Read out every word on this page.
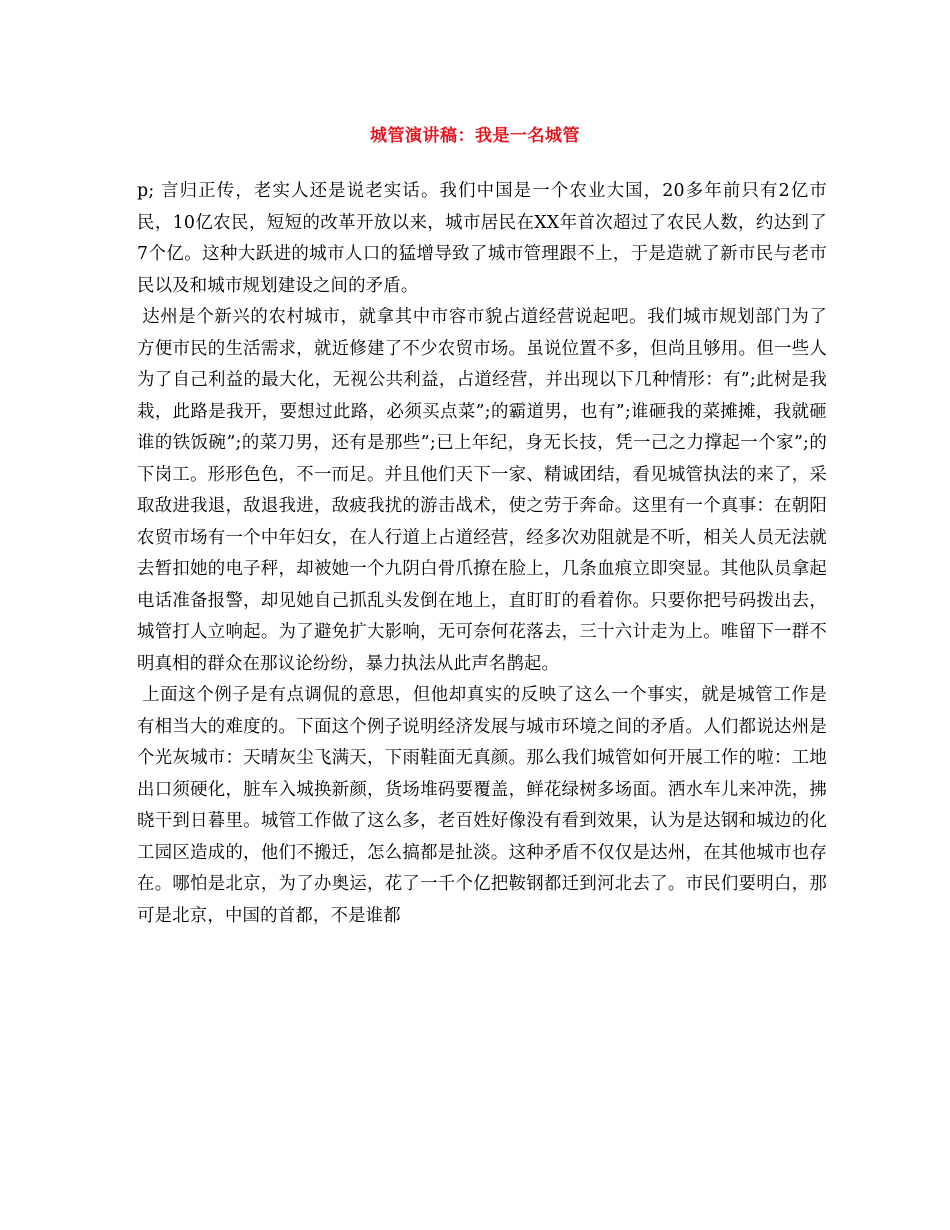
城管演讲稿：我是一名城管

p; 言归正传，老实人还是说老实话。我们中国是一个农业大国，20多年前只有2亿市民，10亿农民，短短的改革开放以来，城市居民在XX年首次超过了农民人数，约达到了7个亿。这种大跃进的城市人口的猛增导致了城市管理跟不上，于是造就了新市民与老市民以及和城市规划建设之间的矛盾。

达州是个新兴的农村城市，就拿其中市容市貌占道经营说起吧。我们城市规划部门为了方便市民的生活需求，就近修建了不少农贸市场。虽说位置不多，但尚且够用。但一些人为了自己利益的最大化，无视公共利益，占道经营，并出现以下几种情形：有”;此树是我栽，此路是我开，要想过此路，必须买点菜”;的霸道男，也有”;谁砸我的菜摊摊，我就砸谁的铁饭碗”;的菜刀男，还有是那些”;已上年纪，身无长技，凭一己之力撑起一个家”;的下岗工。形形色色，不一而足。并且他们天下一家、精诚团结，看见城管执法的来了，采取敌进我退，敌退我进，敌疲我扰的游击战术，使之劳于奔命。这里有一个真事：在朝阳农贸市场有一个中年妇女，在人行道上占道经营，经多次劝阻就是不听，相关人员无法就去暂扣她的电子秤，却被她一个九阴白骨爪撩在脸上，几条血痕立即突显。其他队员拿起电话准备报警，却见她自己抓乱头发倒在地上，直盯盯的看着你。只要你把号码拨出去，城管打人立响起。为了避免扩大影响，无可奈何花落去，三十六计走为上。唯留下一群不明真相的群众在那议论纷纷，暴力执法从此声名鹊起。

上面这个例子是有点调侃的意思，但他却真实的反映了这么一个事实，就是城管工作是有相当大的难度的。下面这个例子说明经济发展与城市环境之间的矛盾。人们都说达州是个光灰城市：天晴灰尘飞满天，下雨鞋面无真颜。那么我们城管如何开展工作的啦：工地出口须硬化，脏车入城换新颜，货场堆码要覆盖，鲜花绿树多场面。洒水车儿来冲洗，拂晓干到日暮里。城管工作做了这么多，老百姓好像没有看到效果，认为是达钢和城边的化工园区造成的，他们不搬迁，怎么搞都是扯淡。这种矛盾不仅仅是达州，在其他城市也存在。哪怕是北京，为了办奥运，花了一千个亿把鞍钢都迁到河北去了。市民们要明白，那可是北京，中国的首都，不是谁都
